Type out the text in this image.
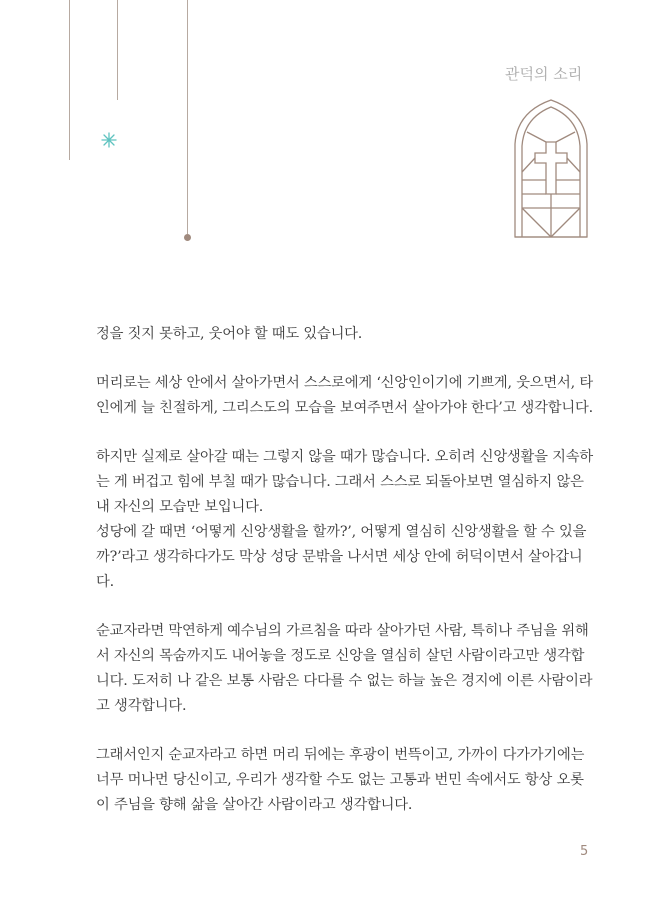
관덕의 소리

정을 짓지 못하고, 웃어야 할 때도 있습니다.

머리로는 세상 안에서 살아가면서 스스로에게 ‘신앙인이기에 기쁘게, 웃으면서, 타인에게 늘 친절하게, 그리스도의 모습을 보여주면서 살아가야 한다’고 생각합니다.

하지만 실제로 살아갈 때는 그렇지 않을 때가 많습니다. 오히려 신앙생활을 지속하는 게 버겁고 힘에 부칠 때가 많습니다. 그래서 스스로 되돌아보면 열심하지 않은 내 자신의 모습만 보입니다.

성당에 갈 때면 ‘어떻게 신앙생활을 할까?’, 어떻게 열심히 신앙생활을 할 수 있을까?’라고 생각하다가도 막상 성당 문밖을 나서면 세상 안에 허덕이면서 살아갑니다.

순교자라면 막연하게 예수님의 가르침을 따라 살아가던 사람, 특히나 주님을 위해서 자신의 목숨까지도 내어놓을 정도로 신앙을 열심히 살던 사람이라고만 생각합니다. 도저히 나 같은 보통 사람은 다다를 수 없는 하늘 높은 경지에 이른 사람이라고 생각합니다.

그래서인지 순교자라고 하면 머리 뒤에는 후광이 번뜩이고, 가까이 다가가기에는 너무 머나먼 당신이고, 우리가 생각할 수도 없는 고통과 번민 속에서도 항상 오롯이 주님을 향해 삶을 살아간 사람이라고 생각합니다.

5
